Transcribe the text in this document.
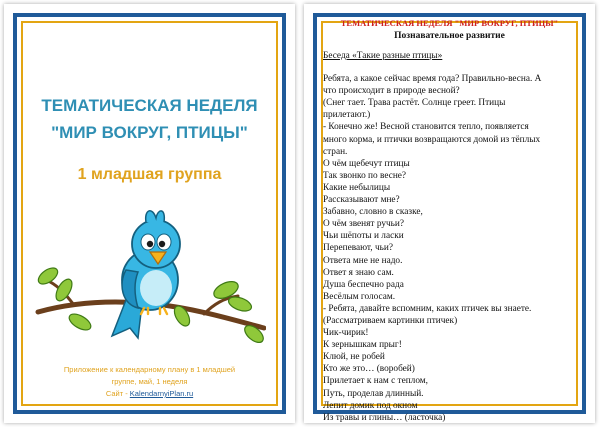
ТЕМАТИЧЕСКАЯ НЕДЕЛЯ
"МИР ВОКРУГ, ПТИЦЫ"
1 младшая группа
Приложение к календарному плану в 1 младшей
группе, май, 1 неделя
Сайт - KalendarnyiPlan.ru
ТЕМАТИЧЕСКАЯ НЕДЕЛЯ "МИР ВОКРУГ, ПТИЦЫ"
Познавательное развитие
Беседа «Такие разные птицы»
Ребята, а какое сейчас время года? Правильно-весна. А
что происходит в природе весной?
(Снег тает. Трава растёт. Солнце греет. Птицы
прилетают.)
- Конечно же! Весной становится тепло, появляется
много корма, и птички возвращаются домой из тёплых
стран.
О чём щебечут птицы
Так звонко по весне?
Какие небылицы
Рассказывают мне?
Забавно, словно в сказке,
О чём звенят ручьи?
Чьи шёпоты и ласки
Перепевают, чьи?
Ответа мне не надо.
Ответ я знаю сам.
Душа беспечно рада
Весёлым голосам.
- Ребята, давайте вспомним, каких птичек вы знаете.
(Рассматриваем картинки птичек)
Чик-чирик!
К зернышкам прыг!
Клюй, не робей
Кто же это… (воробей)
Прилетает к нам с теплом,
Путь, проделав длинный.
Лепит домик под окном
Из травы и глины… (ласточка)
